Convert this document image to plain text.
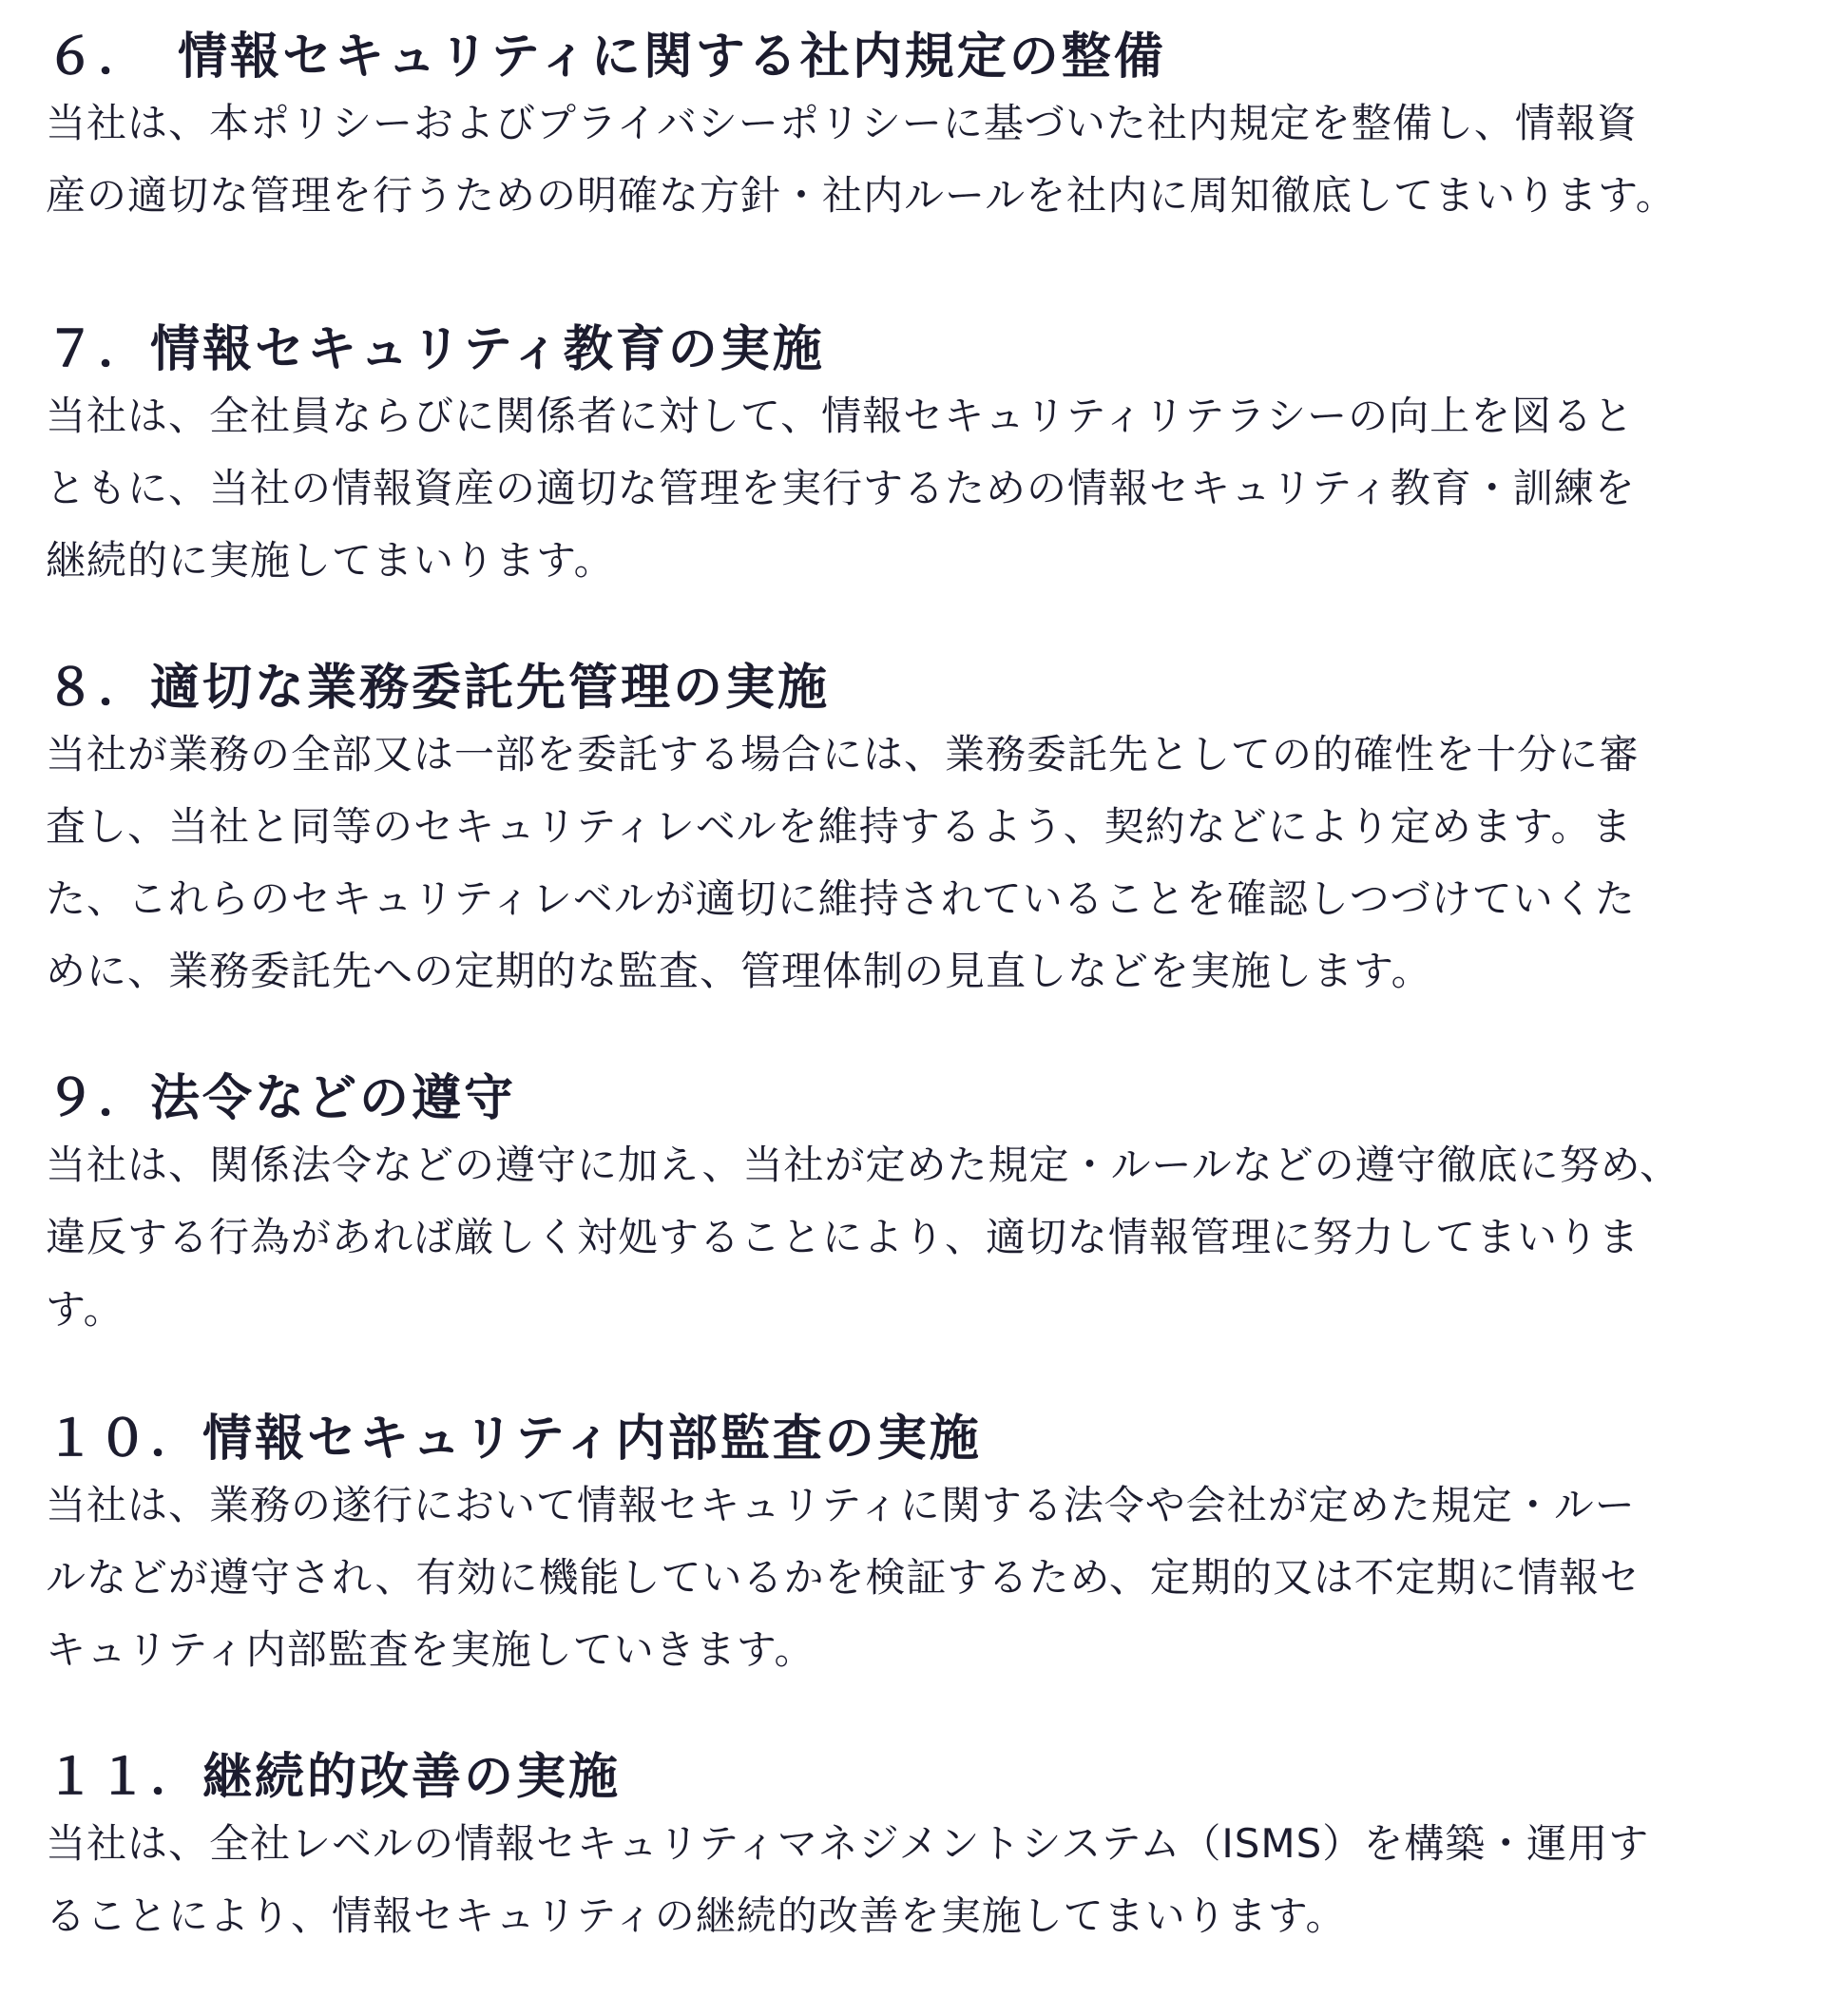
６．　情報セキュリティに関する社内規定の整備

当社は、本ポリシーおよびプライバシーポリシーに基づいた社内規定を整備し、情報資
産の適切な管理を行うための明確な方針・社内ルールを社内に周知徹底してまいります。

７．情報セキュリティ教育の実施

当社は、全社員ならびに関係者に対して、情報セキュリティリテラシーの向上を図ると
ともに、当社の情報資産の適切な管理を実行するための情報セキュリティ教育・訓練を
継続的に実施してまいります。

８．適切な業務委託先管理の実施

当社が業務の全部又は一部を委託する場合には、業務委託先としての的確性を十分に審
査し、当社と同等のセキュリティレベルを維持するよう、契約などにより定めます。ま
た、これらのセキュリティレベルが適切に維持されていることを確認しつづけていくた
めに、業務委託先への定期的な監査、管理体制の見直しなどを実施します。

９．法令などの遵守

当社は、関係法令などの遵守に加え、当社が定めた規定・ルールなどの遵守徹底に努め、
違反する行為があれば厳しく対処することにより、適切な情報管理に努力してまいりま
す。

１０．情報セキュリティ内部監査の実施

当社は、業務の遂行において情報セキュリティに関する法令や会社が定めた規定・ルー
ルなどが遵守され、有効に機能しているかを検証するため、定期的又は不定期に情報セ
キュリティ内部監査を実施していきます。

１１．継続的改善の実施

当社は、全社レベルの情報セキュリティマネジメントシステム（ISMS）を構築・運用す
ることにより、情報セキュリティの継続的改善を実施してまいります。
